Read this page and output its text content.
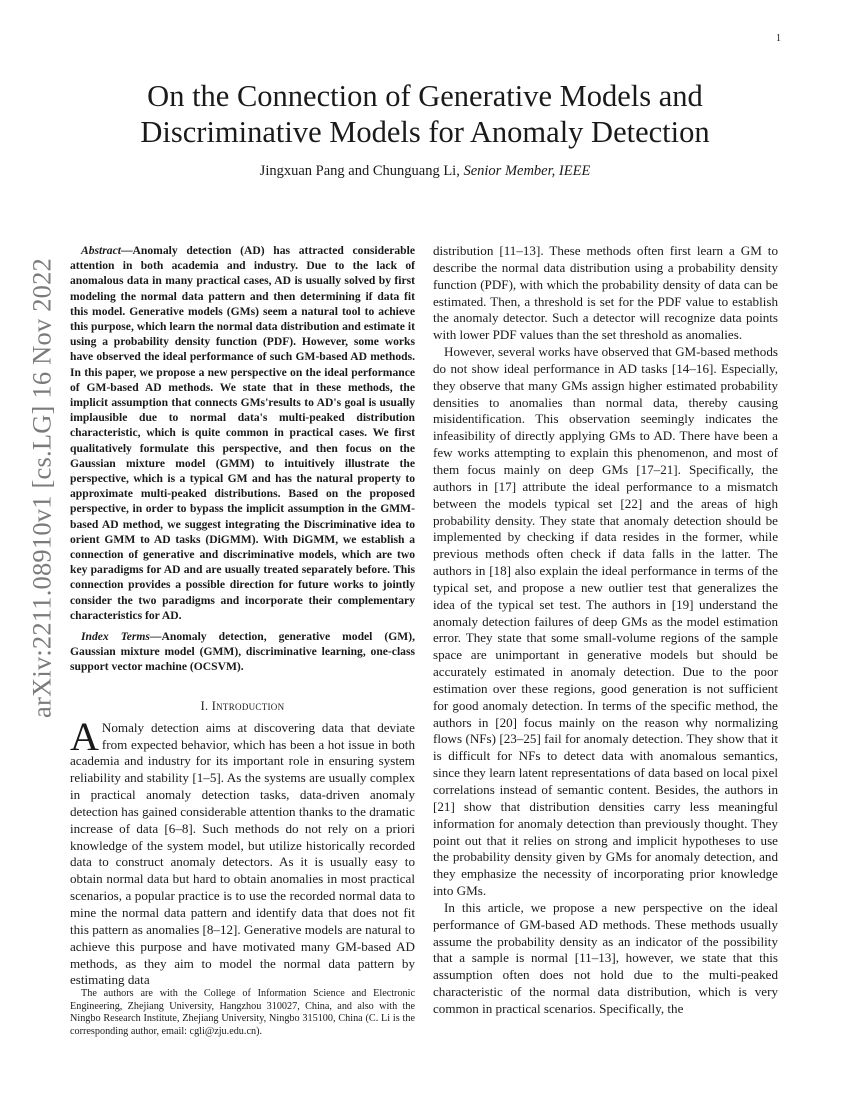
1
arXiv:2211.08910v1 [cs.LG] 16 Nov 2022
On the Connection of Generative Models and
Discriminative Models for Anomaly Detection
Jingxuan Pang and Chunguang Li, Senior Member, IEEE

Abstract—Anomaly detection (AD) has attracted considerable attention in both academia and industry. Due to the lack of anomalous data in many practical cases, AD is usually solved by first modeling the normal data pattern and then determining if data fit this model. Generative models (GMs) seem a natural tool to achieve this purpose, which learn the normal data distribution and estimate it using a probability density function (PDF). However, some works have observed the ideal performance of such GM-based AD methods. In this paper, we propose a new perspective on the ideal performance of GM-based AD methods. We state that in these methods, the implicit assumption that connects GMs'results to AD's goal is usually implausible due to normal data's multi-peaked distribution characteristic, which is quite common in practical cases. We first qualitatively formulate this perspective, and then focus on the Gaussian mixture model (GMM) to intuitively illustrate the perspective, which is a typical GM and has the natural property to approximate multi-peaked distributions. Based on the proposed perspective, in order to bypass the implicit assumption in the GMM-based AD method, we suggest integrating the Discriminative idea to orient GMM to AD tasks (DiGMM). With DiGMM, we establish a connection of generative and discriminative models, which are two key paradigms for AD and are usually treated separately before. This connection provides a possible direction for future works to jointly consider the two paradigms and incorporate their complementary characteristics for AD.

Index Terms—Anomaly detection, generative model (GM), Gaussian mixture model (GMM), discriminative learning, one-class support vector machine (OCSVM).

I. Introduction

A Nomaly detection aims at discovering data that deviate from expected behavior, which has been a hot issue in both academia and industry for its important role in ensuring system reliability and stability [1–5]. As the systems are usually complex in practical anomaly detection tasks, data-driven anomaly detection has gained considerable attention thanks to the dramatic increase of data [6–8]. Such methods do not rely on a priori knowledge of the system model, but utilize historically recorded data to construct anomaly detectors. As it is usually easy to obtain normal data but hard to obtain anomalies in most practical scenarios, a popular practice is to use the recorded normal data to mine the normal data pattern and identify data that does not fit this pattern as anomalies [8–12]. Generative models are natural to achieve this purpose and have motivated many GM-based AD methods, as they aim to model the normal data pattern by estimating data

The authors are with the College of Information Science and Electronic Engineering, Zhejiang University, Hangzhou 310027, China, and also with the Ningbo Research Institute, Zhejiang University, Ningbo 315100, China (C. Li is the corresponding author, email: cgli@zju.edu.cn).

distribution [11–13]. These methods often first learn a GM to describe the normal data distribution using a probability density function (PDF), with which the probability density of data can be estimated. Then, a threshold is set for the PDF value to establish the anomaly detector. Such a detector will recognize data points with lower PDF values than the set threshold as anomalies.

However, several works have observed that GM-based methods do not show ideal performance in AD tasks [14–16]. Especially, they observe that many GMs assign higher estimated probability densities to anomalies than normal data, thereby causing misidentification. This observation seemingly indicates the infeasibility of directly applying GMs to AD. There have been a few works attempting to explain this phenomenon, and most of them focus mainly on deep GMs [17–21]. Specifically, the authors in [17] attribute the ideal performance to a mismatch between the models typical set [22] and the areas of high probability density. They state that anomaly detection should be implemented by checking if data resides in the former, while previous methods often check if data falls in the latter. The authors in [18] also explain the ideal performance in terms of the typical set, and propose a new outlier test that generalizes the idea of the typical set test. The authors in [19] understand the anomaly detection failures of deep GMs as the model estimation error. They state that some small-volume regions of the sample space are unimportant in generative models but should be accurately estimated in anomaly detection. Due to the poor estimation over these regions, good generation is not sufficient for good anomaly detection. In terms of the specific method, the authors in [20] focus mainly on the reason why normalizing flows (NFs) [23–25] fail for anomaly detection. They show that it is difficult for NFs to detect data with anomalous semantics, since they learn latent representations of data based on local pixel correlations instead of semantic content. Besides, the authors in [21] show that distribution densities carry less meaningful information for anomaly detection than previously thought. They point out that it relies on strong and implicit hypotheses to use the probability density given by GMs for anomaly detection, and they emphasize the necessity of incorporating prior knowledge into GMs.

In this article, we propose a new perspective on the ideal performance of GM-based AD methods. These methods usually assume the probability density as an indicator of the possibility that a sample is normal [11–13], however, we state that this assumption often does not hold due to the multi-peaked characteristic of the normal data distribution, which is very common in practical scenarios. Specifically, the
